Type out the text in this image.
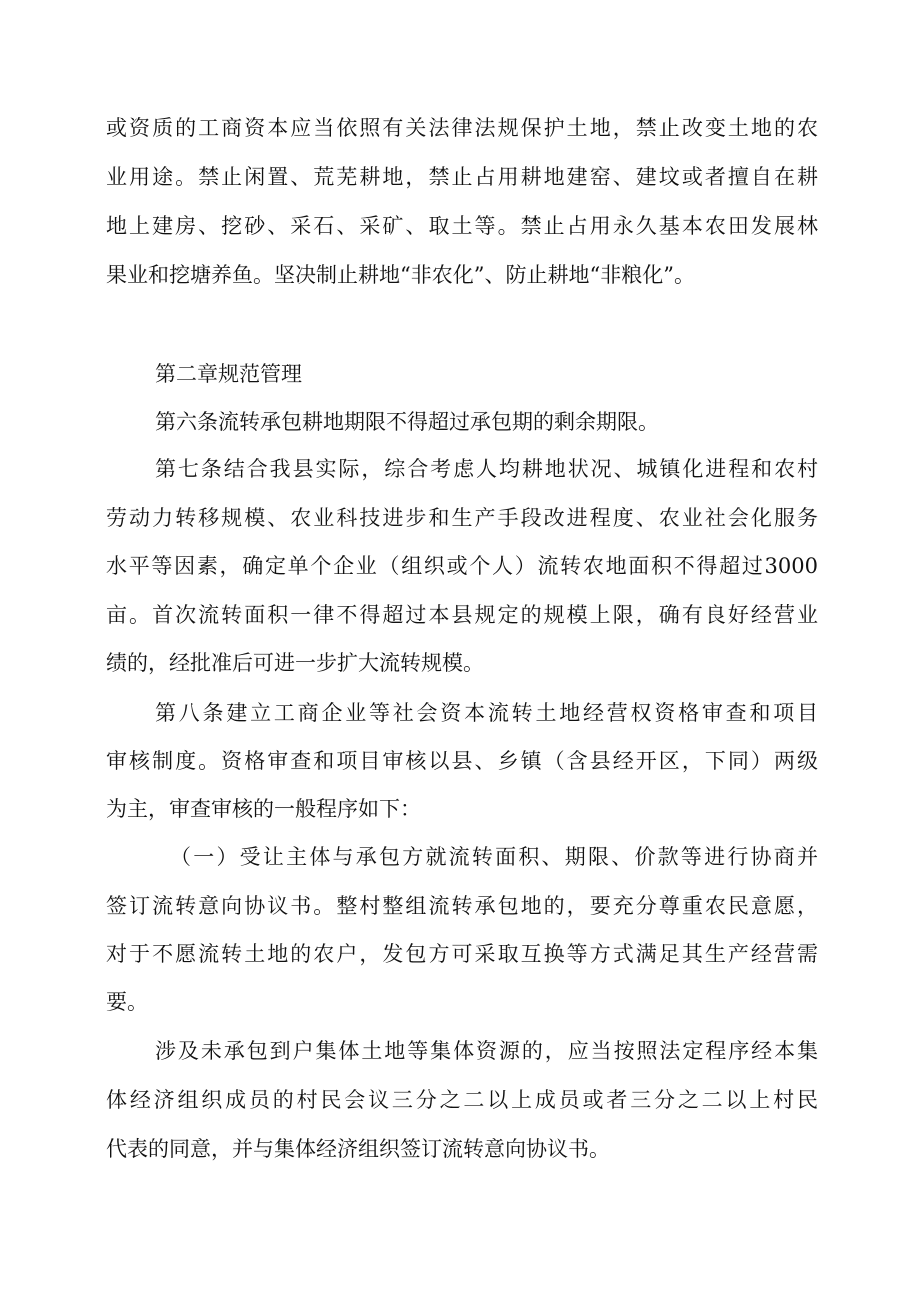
或资质的工商资本应当依照有关法律法规保护土地，禁止改变土地的农
业用途。禁止闲置、荒芜耕地，禁止占用耕地建窑、建坟或者擅自在耕
地上建房、挖砂、采石、采矿、取土等。禁止占用永久基本农田发展林
果业和挖塘养鱼。坚决制止耕地“非农化”、防止耕地“非粮化”。
第二章规范管理
第六条流转承包耕地期限不得超过承包期的剩余期限。
第七条结合我县实际，综合考虑人均耕地状况、城镇化进程和农村
劳动力转移规模、农业科技进步和生产手段改进程度、农业社会化服务
水平等因素，确定单个企业（组织或个人）流转农地面积不得超过3000
亩。首次流转面积一律不得超过本县规定的规模上限，确有良好经营业
绩的，经批准后可进一步扩大流转规模。
第八条建立工商企业等社会资本流转土地经营权资格审查和项目
审核制度。资格审查和项目审核以县、乡镇（含县经开区，下同）两级
为主，审查审核的一般程序如下：
（一）受让主体与承包方就流转面积、期限、价款等进行协商并
签订流转意向协议书。整村整组流转承包地的，要充分尊重农民意愿，
对于不愿流转土地的农户，发包方可采取互换等方式满足其生产经营需
要。
涉及未承包到户集体土地等集体资源的，应当按照法定程序经本集
体经济组织成员的村民会议三分之二以上成员或者三分之二以上村民
代表的同意，并与集体经济组织签订流转意向协议书。
